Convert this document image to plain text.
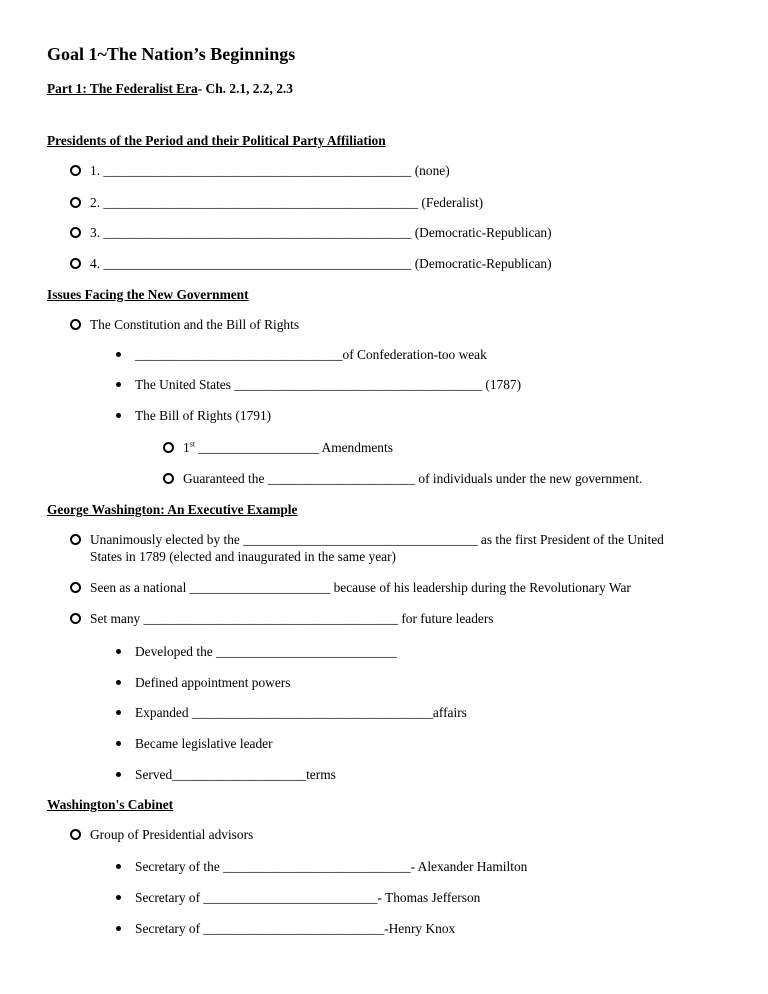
Goal 1~The Nation’s Beginnings
Part 1: The Federalist Era- Ch. 2.1, 2.2, 2.3
Presidents of the Period and their Political Party Affiliation
1. ______________________________________________ (none)
2. _______________________________________________ (Federalist)
3. ______________________________________________ (Democratic-Republican)
4. ______________________________________________ (Democratic-Republican)
Issues Facing the New Government
The Constitution and the Bill of Rights
_______________________________of Confederation-too weak
The United States _____________________________________ (1787)
The Bill of Rights (1791)
1st __________________ Amendments
Guaranteed the ______________________ of individuals under the new government.
George Washington: An Executive Example
Unanimously elected by the ___________________________________ as the first President of the United
States in 1789 (elected and inaugurated in the same year)
Seen as a national _____________________ because of his leadership during the Revolutionary War
Set many ______________________________________ for future leaders
Developed the ___________________________
Defined appointment powers
Expanded ____________________________________affairs
Became legislative leader
Served____________________terms
Washington's Cabinet
Group of Presidential advisors
Secretary of the ____________________________- Alexander Hamilton
Secretary of __________________________- Thomas Jefferson
Secretary of ___________________________-Henry Knox
